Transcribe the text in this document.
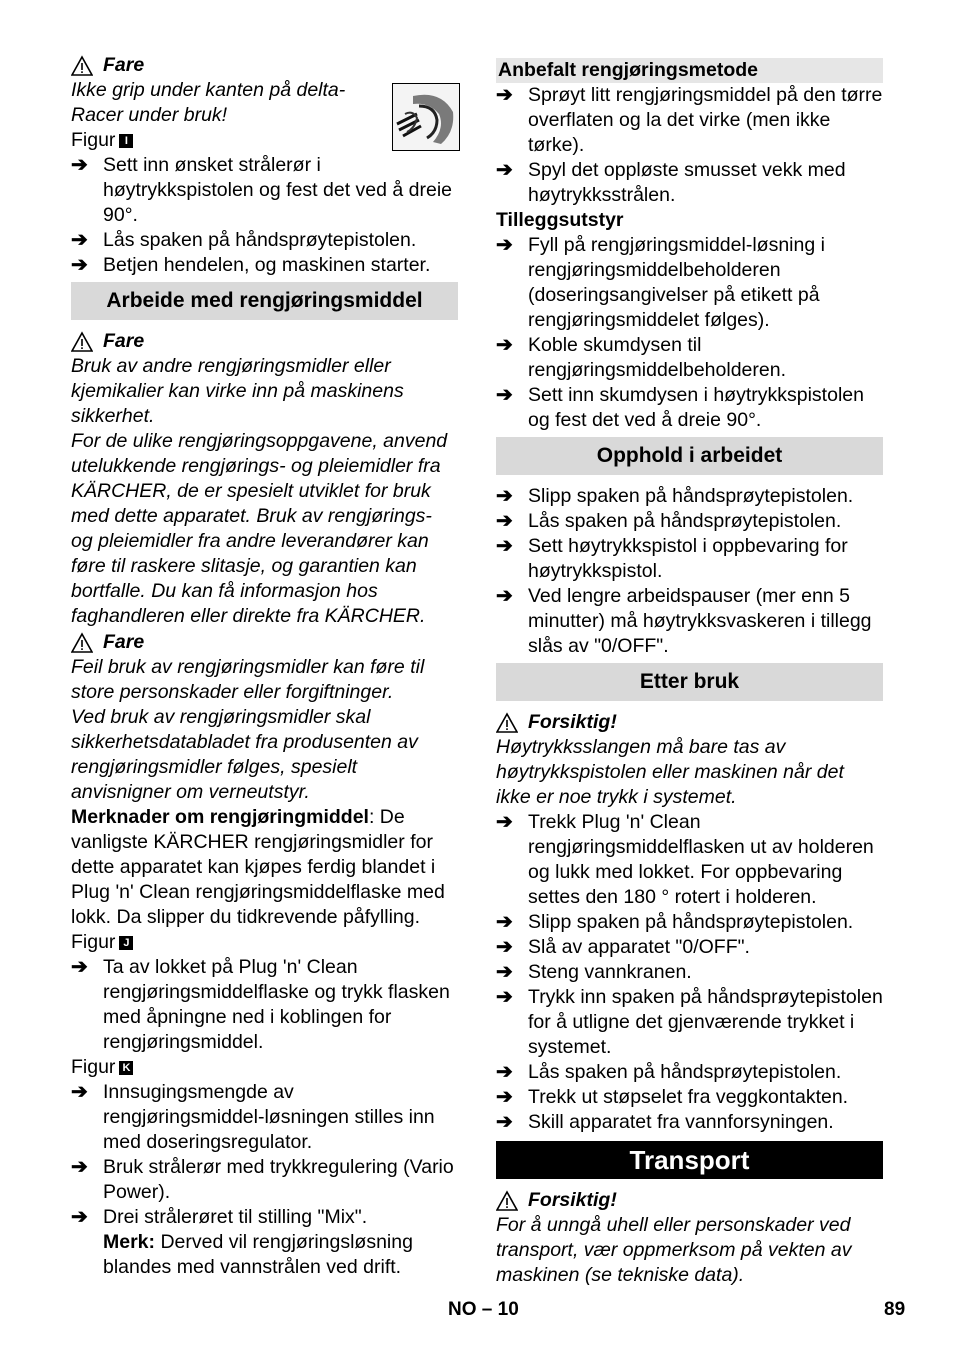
Fare

Ikke grip under kanten på delta-Racer under bruk!

Figur I

➔ Sett inn ønsket strålerør i høytrykkspistolen og fest det ved å dreie 90°.
➔ Lås spaken på håndsprøytepistolen.
➔ Betjen hendelen, og maskinen starter.
Arbeide med rengjøringsmiddel
Fare

Bruk av andre rengjøringsmidler eller kjemikalier kan virke inn på maskinens sikkerhet.

For de ulike rengjøringsoppgavene, anvend utelukkende rengjørings- og pleiemidler fra KÄRCHER, de er spesielt utviklet for bruk med dette apparatet. Bruk av rengjørings- og pleiemidler fra andre leverandører kan føre til raskere slitasje, og garantien kan bortfalle. Du kan få informasjon hos faghandleren eller direkte fra KÄRCHER.

Fare

Feil bruk av rengjøringsmidler kan føre til store personskader eller forgiftninger.

Ved bruk av rengjøringsmidler skal sikkerhetsdatabladet fra produsenten av rengjøringsmidler følges, spesielt anvisnigner om verneutstyr.

Merknader om rengjøringmiddel: De vanligste KÄRCHER rengjøringsmidler for dette apparatet kan kjøpes ferdig blandet i Plug 'n' Clean rengjøringsmiddelflaske med lokk. Da slipper du tidkrevende påfylling.

Figur J

➔ Ta av lokket på Plug 'n' Clean rengjøringsmiddelflaske og trykk flasken med åpningne ned i koblingen for rengjøringsmiddel.

Figur K

➔ Innsugingsmengde av rengjøringsmiddel-løsningen stilles inn med doseringsregulator.
➔ Bruk strålerør med trykkregulering (Vario Power).
➔ Drei strålerøret til stilling "Mix".
Merk: Derved vil rengjøringsløsning blandes med vannstrålen ved drift.
Anbefalt rengjøringsmetode
➔ Sprøyt litt rengjøringsmiddel på den tørre overflaten og la det virke (men ikke tørke).
➔ Spyl det oppløste smusset vekk med høytrykksstrålen.

Tilleggsutstyr

➔ Fyll på rengjøringsmiddel-løsning i rengjøringsmiddelbeholderen (doseringsangivelser på etikett på rengjøringsmiddelet følges).
➔ Koble skumdysen til rengjøringsmiddelbeholderen.
➔ Sett inn skumdysen i høytrykkspistolen og fest det ved å dreie 90°.
Opphold i arbeidet
➔ Slipp spaken på håndsprøytepistolen.
➔ Lås spaken på håndsprøytepistolen.
➔ Sett høytrykkspistol i oppbevaring for høytrykkspistol.
➔ Ved lengre arbeidspauser (mer enn 5 minutter) må høytrykksvaskeren i tillegg slås av "0/OFF".
Etter bruk
Forsiktig!

Høytrykksslangen må bare tas av høytrykkspistolen eller maskinen når det ikke er noe trykk i systemet.

➔ Trekk Plug 'n' Clean rengjøringsmiddelflasken ut av holderen og lukk med lokket. For oppbevaring settes den 180 ° rotert i holderen.
➔ Slipp spaken på håndsprøytepistolen.
➔ Slå av apparatet "0/OFF".
➔ Steng vannkranen.
➔ Trykk inn spaken på håndsprøytepistolen for å utligne det gjenværende trykket i systemet.
➔ Lås spaken på håndsprøytepistolen.
➔ Trekk ut støpselet fra veggkontakten.
➔ Skill apparatet fra vannforsyningen.
Transport
Forsiktig!

For å unngå uhell eller personskader ved transport, vær oppmerksom på vekten av maskinen (se tekniske data).

NO – 10	89
